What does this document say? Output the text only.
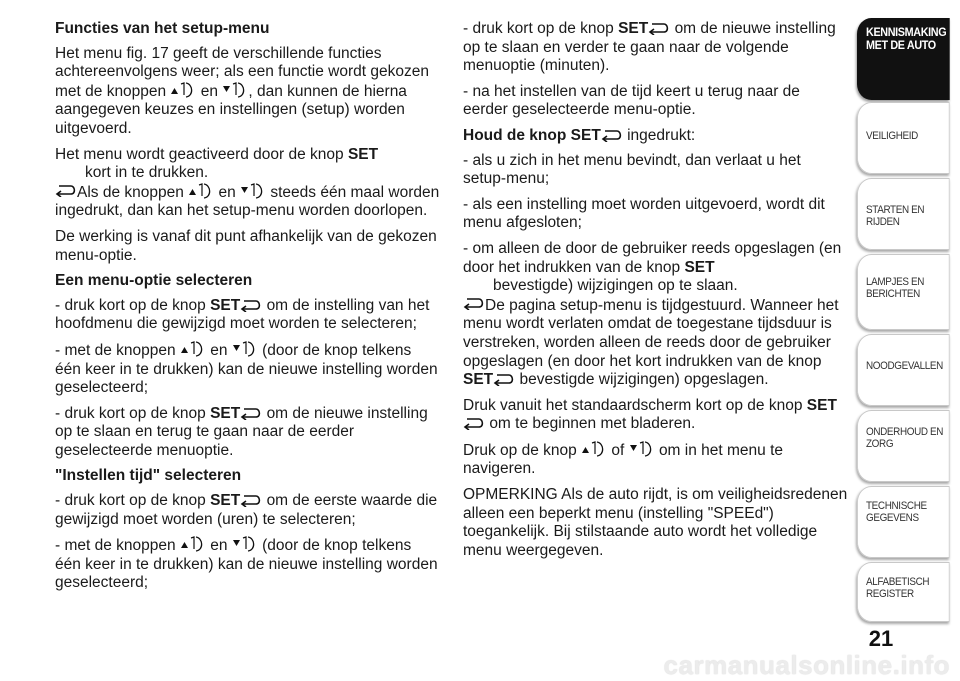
Functies van het setup-menu

Het menu fig. 17 geeft de verschillende functies achtereenvolgens weer; als een functie wordt gekozen met de knoppen en , dan kunnen de hierna aangegeven keuzes en instellingen (setup) worden uitgevoerd.

Het menu wordt geactiveerd door de knop SET
kort in te drukken.
Als de knoppen en steeds één maal worden ingedrukt, dan kan het setup-menu worden doorlopen.

De werking is vanaf dit punt afhankelijk van de gekozen menu-optie.

Een menu-optie selecteren

- druk kort op de knop SET om de instelling van het hoofdmenu die gewijzigd moet worden te selecteren;

- met de knoppen en (door de knop telkens één keer in te drukken) kan de nieuwe instelling worden geselecteerd;

- druk kort op de knop SET om de nieuwe instelling op te slaan en terug te gaan naar de eerder geselecteerde menuoptie.

"Instellen tijd" selecteren

- druk kort op de knop SET om de eerste waarde die gewijzigd moet worden (uren) te selecteren;

- met de knoppen en (door de knop telkens één keer in te drukken) kan de nieuwe instelling worden geselecteerd;

- druk kort op de knop SET om de nieuwe instelling op te slaan en verder te gaan naar de volgende menuoptie (minuten).

- na het instellen van de tijd keert u terug naar de eerder geselecteerde menu-optie.

Houd de knop SET ingedrukt:

- als u zich in het menu bevindt, dan verlaat u het setup-menu;

- als een instelling moet worden uitgevoerd, wordt dit menu afgesloten;

- om alleen de door de gebruiker reeds opgeslagen (en door het indrukken van de knop SET
bevestigde) wijzigingen op te slaan.
De pagina setup-menu is tijdgestuurd. Wanneer het menu wordt verlaten omdat de toegestane tijdsduur is verstreken, worden alleen de reeds door de gebruiker opgeslagen (en door het kort indrukken van de knop SET bevestigde wijzigingen) opgeslagen.

Druk vanuit het standaardscherm kort op de knop SET om te beginnen met bladeren.

Druk op de knop of om in het menu te navigeren.

OPMERKING Als de auto rijdt, is om veiligheidsredenen alleen een beperkt menu (instelling "SPEEd") toegankelijk. Bij stilstaande auto wordt het volledige menu weergegeven.

KENNISMAKING MET DE AUTO
VEILIGHEID
STARTEN EN RIJDEN
LAMPJES EN BERICHTEN
NOODGEVALLEN
ONDERHOUD EN ZORG
TECHNISCHE GEGEVENS
ALFABETISCH REGISTER
21
carmanualsonline.info
